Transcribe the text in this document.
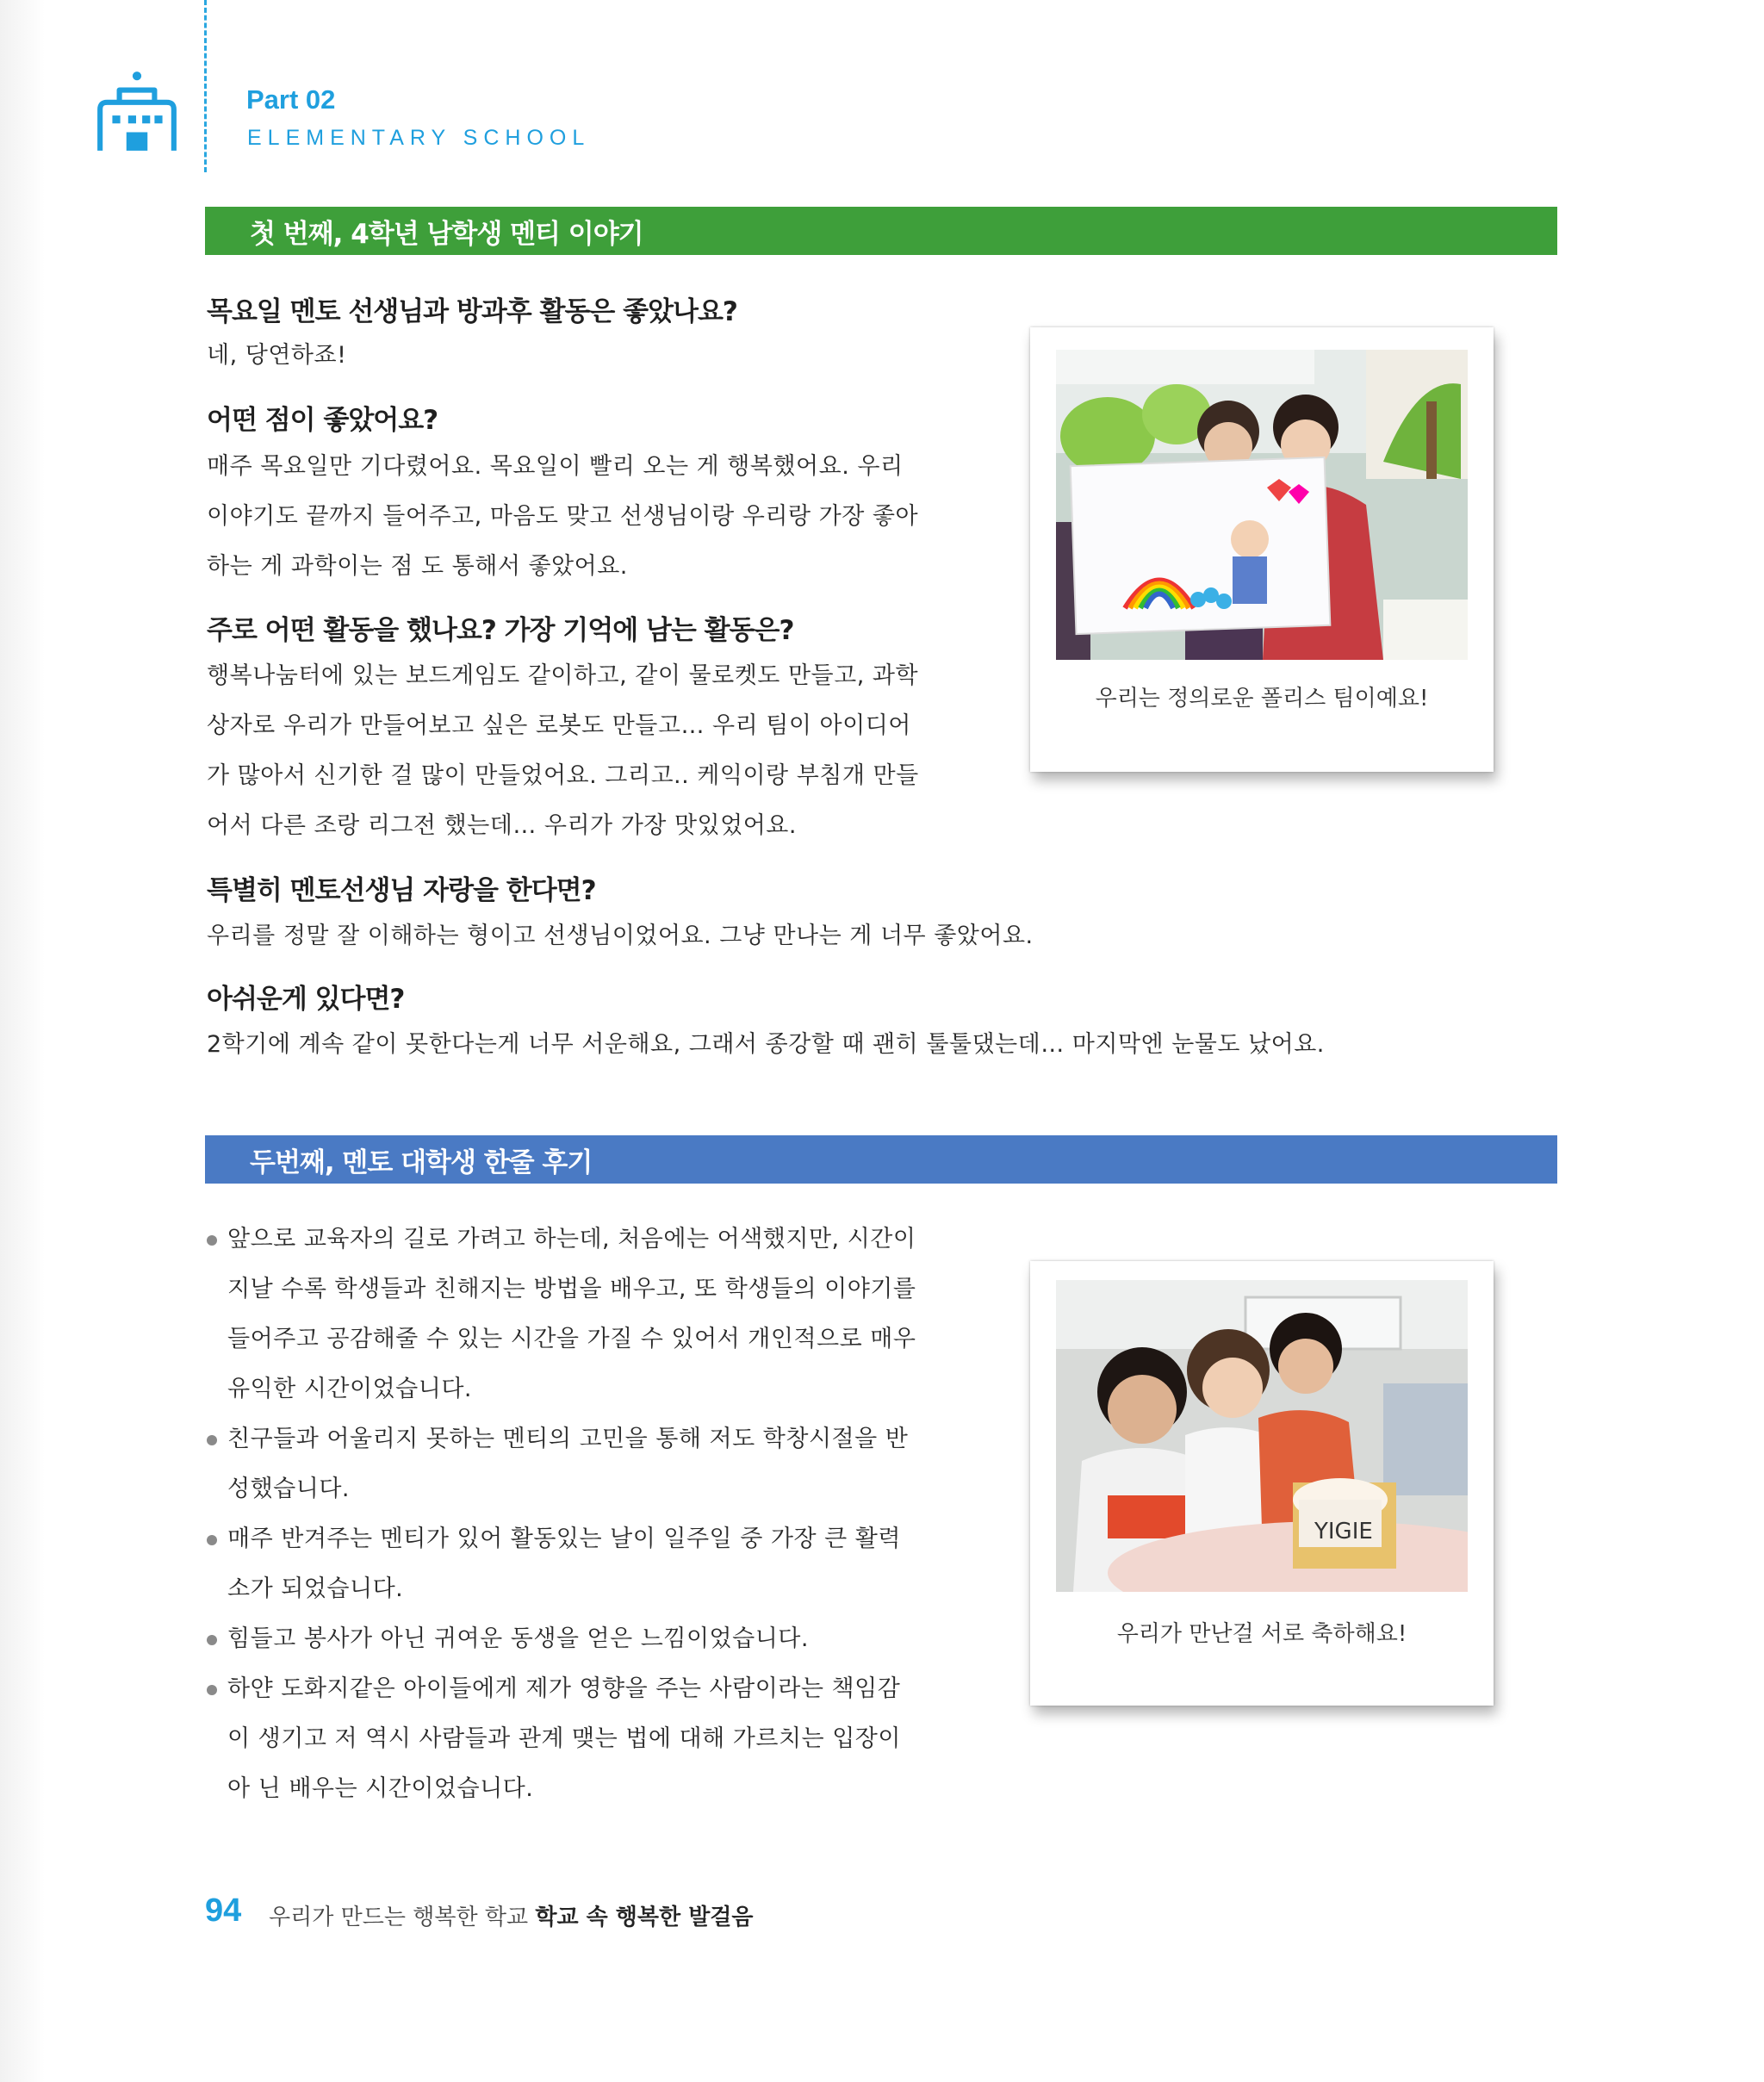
Part 02
ELEMENTARY SCHOOL
첫 번째, 4학년 남학생 멘티 이야기
목요일 멘토 선생님과 방과후 활동은 좋았나요?
네, 당연하죠!
어떤 점이 좋았어요?
매주 목요일만 기다렸어요. 목요일이 빨리 오는 게 행복했어요. 우리 이야기도 끝까지 들어주고, 마음도 맞고 선생님이랑 우리랑 가장 좋아 하는 게 과학이는 점 도 통해서 좋았어요.
주로 어떤 활동을 했나요? 가장 기억에 남는 활동은?
행복나눔터에 있는 보드게임도 같이하고, 같이 물로켓도 만들고, 과학 상자로 우리가 만들어보고 싶은 로봇도 만들고… 우리 팀이 아이디어 가 많아서 신기한 걸 많이 만들었어요. 그리고.. 케익이랑 부침개 만들 어서 다른 조랑 리그전 했는데… 우리가 가장 맛있었어요.
특별히 멘토선생님 자랑을 한다면?
우리를 정말 잘 이해하는 형이고 선생님이었어요. 그냥 만나는 게 너무 좋았어요.
아쉬운게 있다면?
2학기에 계속 같이 못한다는게 너무 서운해요, 그래서 종강할 때 괜히 툴툴댔는데… 마지막엔 눈물도 났어요.
우리는 정의로운 폴리스 팀이예요!
두번째, 멘토 대학생 한줄 후기
앞으로 교육자의 길로 가려고 하는데, 처음에는 어색했지만, 시간이 지날 수록 학생들과 친해지는 방법을 배우고, 또 학생들의 이야기를 들어주고 공감해줄 수 있는 시간을 가질 수 있어서 개인적으로 매우 유익한 시간이었습니다.
친구들과 어울리지 못하는 멘티의 고민을 통해 저도 학창시절을 반 성했습니다.
매주 반겨주는 멘티가 있어 활동있는 날이 일주일 중 가장 큰 활력 소가 되었습니다.
힘들고 봉사가 아닌 귀여운 동생을 얻은 느낌이었습니다.
하얀 도화지같은 아이들에게 제가 영향을 주는 사람이라는 책임감이 생기고 저 역시 사람들과 관계 맺는 법에 대해 가르치는 입장이 아 닌 배우는 시간이었습니다.
YIGIE
우리가 만난걸 서로 축하해요!
94 우리가 만드는 행복한 학교 학교 속 행복한 발걸음
